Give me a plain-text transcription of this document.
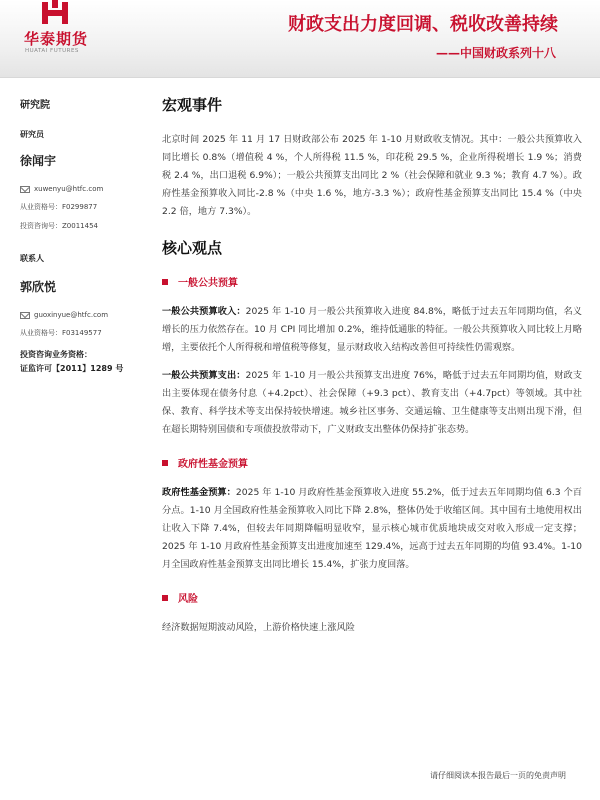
华泰期货
HUATAI FUTURES
财政支出力度回调、税收改善持续
——中国财政系列十八
研究院
研究员
徐闻宇
xuwenyu@htfc.com
从业资格号：F0299877
投资咨询号：Z0011454
联系人
郭欣悦
guoxinyue@htfc.com
从业资格号：F03149577
投资咨询业务资格：
证监许可【2011】1289 号
宏观事件

北京时间 2025 年 11 月 17 日财政部公布 2025 年 1-10 月财政收支情况。其中：一般公共预算收入同比增长 0.8%（增值税 4 %，个人所得税 11.5 %，印花税 29.5 %，企业所得税增长 1.9 %；消费税 2.4 %，出口退税 6.9%）；一般公共预算支出同比 2 %（社会保障和就业 9.3 %；教育 4.7 %）。政府性基金预算收入同比-2.8 %（中央 1.6 %，地方-3.3 %）；政府性基金预算支出同比 15.4 %（中央 2.2 倍，地方 7.3%）。

核心观点
一般公共预算

一般公共预算收入：2025 年 1-10 月一般公共预算收入进度 84.8%，略低于过去五年同期均值，名义增长的压力依然存在。10 月 CPI 同比增加 0.2%，维持低通胀的特征。一般公共预算收入同比较上月略增，主要依托个人所得税和增值税等修复，显示财政收入结构改善但可持续性仍需观察。

一般公共预算支出：2025 年 1-10 月一般公共预算支出进度 76%，略低于过去五年同期均值，财政支出主要体现在债务付息（+4.2pct）、社会保障（+9.3 pct）、教育支出（+4.7pct）等领域。其中社保、教育、科学技术等支出保持较快增速。城乡社区事务、交通运输、卫生健康等支出则出现下滑，但在超长期特别国债和专项债投放带动下，广义财政支出整体仍保持扩张态势。

政府性基金预算

政府性基金预算：2025 年 1-10 月政府性基金预算收入进度 55.2%，低于过去五年同期均值 6.3 个百分点。1-10 月全国政府性基金预算收入同比下降 2.8%，整体仍处于收缩区间。其中国有土地使用权出让收入下降 7.4%，但较去年同期降幅明显收窄，显示核心城市优质地块成交对收入形成一定支撑；2025 年 1-10 月政府性基金预算支出进度加速至 129.4%，远高于过去五年同期的均值 93.4%。1-10 月全国政府性基金预算支出同比增长 15.4%，扩张力度回落。

风险

经济数据短期波动风险，上游价格快速上涨风险

请仔细阅读本报告最后一页的免责声明
